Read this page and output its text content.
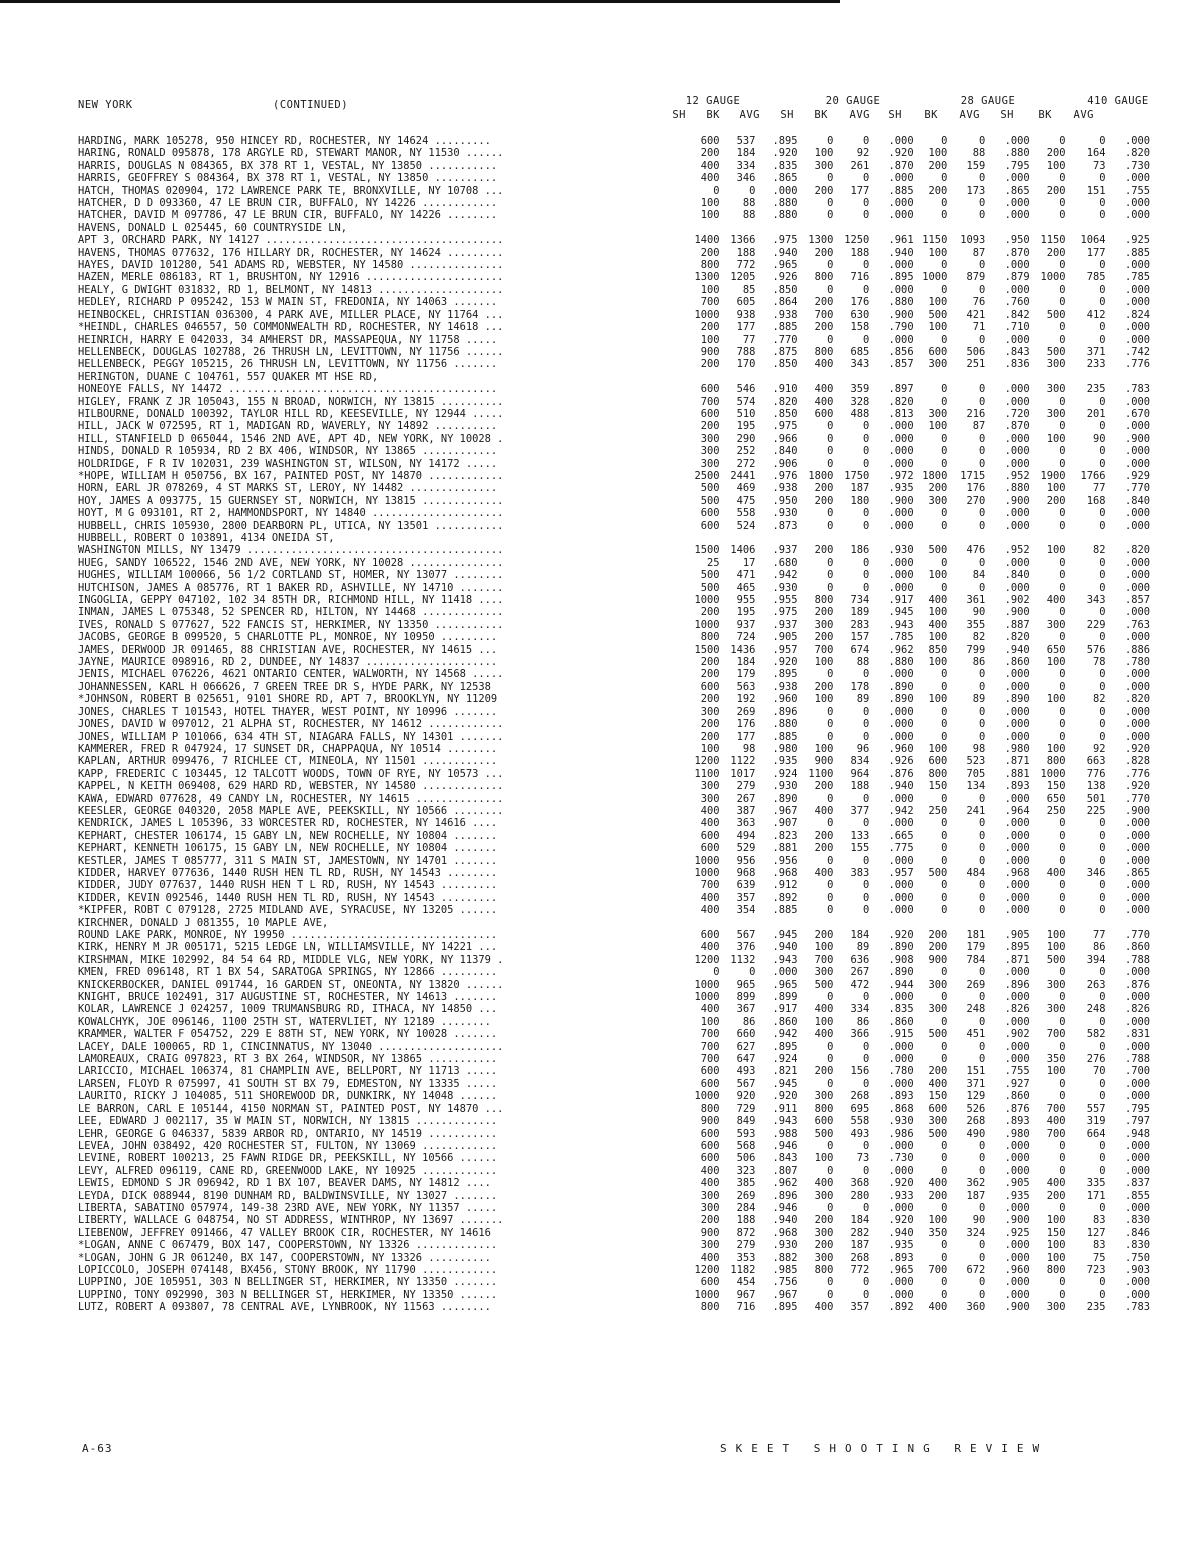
NEW YORK	(CONTINUED)	12 GAUGE	20 GAUGE	28 GAUGE	410 GAUGE
SH	BK	AVG	SH	BK	AVG	SH	BK	AVG	SH	BK	AVG
HARDING, MARK 105278, 950 HINCEY RD, ROCHESTER, NY 14624 .........	600	537	.895	0	0	.000	0	0	.000	0	0	.000
HARING, RONALD 095878, 178 ARGYLE RD, STEWART MANOR, NY 11530 ......	200	184	.920	100	92	.920	100	88	.880	200	164	.820
HARRIS, DOUGLAS N 084365, BX 378 RT 1, VESTAL, NY 13850 ...........	400	334	.835	300	261	.870	200	159	.795	100	73	.730
HARRIS, GEOFFREY S 084364, BX 378 RT 1, VESTAL, NY 13850 ..........	400	346	.865	0	0	.000	0	0	.000	0	0	.000
HATCH, THOMAS 020904, 172 LAWRENCE PARK TE, BRONXVILLE, NY 10708 ...	0	0	.000	200	177	.885	200	173	.865	200	151	.755
HATCHER, D D 093360, 47 LE BRUN CIR, BUFFALO, NY 14226 ............	100	88	.880	0	0	.000	0	0	.000	0	0	.000
HATCHER, DAVID M 097786, 47 LE BRUN CIR, BUFFALO, NY 14226 ........	100	88	.880	0	0	.000	0	0	.000	0	0	.000
HAVENS, DONALD L 025445, 60 COUNTRYSIDE LN,												
APT 3, ORCHARD PARK, NY 14127 ......................................	1400	1366	.975	1300	1250	.961	1150	1093	.950	1150	1064	.925
HAVENS, THOMAS 077632, 176 HILLARY DR, ROCHESTER, NY 14624 .........	200	188	.940	200	188	.940	100	87	.870	200	177	.885
HAYES, DAVID 101280, 541 ADAMS RD, WEBSTER, NY 14580 ...............	800	772	.965	0	0	.000	0	0	.000	0	0	.000
HAZEN, MERLE 086183, RT 1, BRUSHTON, NY 12916 ......................	1300	1205	.926	800	716	.895	1000	879	.879	1000	785	.785
HEALY, G DWIGHT 031832, RD 1, BELMONT, NY 14813 ....................	100	85	.850	0	0	.000	0	0	.000	0	0	.000
HEDLEY, RICHARD P 095242, 153 W MAIN ST, FREDONIA, NY 14063 .......	700	605	.864	200	176	.880	100	76	.760	0	0	.000
HEINBOCKEL, CHRISTIAN 036300, 4 PARK AVE, MILLER PLACE, NY 11764 ...	1000	938	.938	700	630	.900	500	421	.842	500	412	.824
*HEINDL, CHARLES 046557, 50 COMMONWEALTH RD, ROCHESTER, NY 14618 ...	200	177	.885	200	158	.790	100	71	.710	0	0	.000
HEINRICH, HARRY E 042033, 34 AMHERST DR, MASSAPEQUA, NY 11758 .....	100	77	.770	0	0	.000	0	0	.000	0	0	.000
HELLENBECK, DOUGLAS 102788, 26 THRUSH LN, LEVITTOWN, NY 11756 ......	900	788	.875	800	685	.856	600	506	.843	500	371	.742
HELLENBECK, PEGGY 105215, 26 THRUSH LN, LEVITTOWN, NY 11756 .......	200	170	.850	400	343	.857	300	251	.836	300	233	.776
HERINGTON, DUANE C 104761, 557 QUAKER MT HSE RD,												
HONEOYE FALLS, NY 14472 ...........................................	600	546	.910	400	359	.897	0	0	.000	300	235	.783
HIGLEY, FRANK Z JR 105043, 155 N BROAD, NORWICH, NY 13815 ..........	700	574	.820	400	328	.820	0	0	.000	0	0	.000
HILBOURNE, DONALD 100392, TAYLOR HILL RD, KEESEVILLE, NY 12944 .....	600	510	.850	600	488	.813	300	216	.720	300	201	.670
HILL, JACK W 072595, RT 1, MADIGAN RD, WAVERLY, NY 14892 ..........	200	195	.975	0	0	.000	100	87	.870	0	0	.000
HILL, STANFIELD D 065044, 1546 2ND AVE, APT 4D, NEW YORK, NY 10028 .	300	290	.966	0	0	.000	0	0	.000	100	90	.900
HINDS, DONALD R 105934, RD 2 BX 406, WINDSOR, NY 13865 ............	300	252	.840	0	0	.000	0	0	.000	0	0	.000
HOLDRIDGE, F R IV 102031, 239 WASHINGTON ST, WILSON, NY 14172 .....	300	272	.906	0	0	.000	0	0	.000	0	0	.000
*HOPE, WILLIAM H 050756, BX 167, PAINTED POST, NY 14870 ............	2500	2441	.976	1800	1750	.972	1800	1715	.952	1900	1766	.929
HORN, EARL JR 078269, 4 ST MARKS ST, LEROY, NY 14482 ..............	500	469	.938	200	187	.935	200	176	.880	100	77	.770
HOY, JAMES A 093775, 15 GUERNSEY ST, NORWICH, NY 13815 .............	500	475	.950	200	180	.900	300	270	.900	200	168	.840
HOYT, M G 093101, RT 2, HAMMONDSPORT, NY 14840 .....................	600	558	.930	0	0	.000	0	0	.000	0	0	.000
HUBBELL, CHRIS 105930, 2800 DEARBORN PL, UTICA, NY 13501 ...........	600	524	.873	0	0	.000	0	0	.000	0	0	.000
HUBBELL, ROBERT O 103891, 4134 ONEIDA ST,												
WASHINGTON MILLS, NY 13479 .........................................	1500	1406	.937	200	186	.930	500	476	.952	100	82	.820
HUEG, SANDY 106522, 1546 2ND AVE, NEW YORK, NY 10028 ...............	25	17	.680	0	0	.000	0	0	.000	0	0	.000
HUGHES, WILLIAM 100066, 56 1/2 CORTLAND ST, HOMER, NY 13077 ........	500	471	.942	0	0	.000	100	84	.840	0	0	.000
HUTCHISON, JAMES A 085776, RT 1 BAKER RD, ASHVILLE, NY 14710 .......	500	465	.930	0	0	.000	0	0	.000	0	0	.000
INGOGLIA, GEPPY 047102, 102 34 85TH DR, RICHMOND HILL, NY 11418 ....	1000	955	.955	800	734	.917	400	361	.902	400	343	.857
INMAN, JAMES L 075348, 52 SPENCER RD, HILTON, NY 14468 .............	200	195	.975	200	189	.945	100	90	.900	0	0	.000
IVES, RONALD S 077627, 522 FANCIS ST, HERKIMER, NY 13350 ...........	1000	937	.937	300	283	.943	400	355	.887	300	229	.763
JACOBS, GEORGE B 099520, 5 CHARLOTTE PL, MONROE, NY 10950 .........	800	724	.905	200	157	.785	100	82	.820	0	0	.000
JAMES, DERWOOD JR 091465, 88 CHRISTIAN AVE, ROCHESTER, NY 14615 ...	1500	1436	.957	700	674	.962	850	799	.940	650	576	.886
JAYNE, MAURICE 098916, RD 2, DUNDEE, NY 14837 .....................	200	184	.920	100	88	.880	100	86	.860	100	78	.780
JENIS, MICHAEL 076226, 4621 ONTARIO CENTER, WALWORTH, NY 14568 .....	200	179	.895	0	0	.000	0	0	.000	0	0	.000
JOHANNESSEN, KARL H 066626, 7 GREEN TREE DR S, HYDE PARK, NY 12538	600	563	.938	200	178	.890	0	0	.000	0	0	.000
*JOHNSON, ROBERT B 025651, 9101 SHORE RD, APT 7, BROOKLYN, NY 11209	200	192	.960	100	89	.890	100	89	.890	100	82	.820
JONES, CHARLES T 101543, HOTEL THAYER, WEST POINT, NY 10996 .......	300	269	.896	0	0	.000	0	0	.000	0	0	.000
JONES, DAVID W 097012, 21 ALPHA ST, ROCHESTER, NY 14612 ............	200	176	.880	0	0	.000	0	0	.000	0	0	.000
JONES, WILLIAM P 101066, 634 4TH ST, NIAGARA FALLS, NY 14301 .......	200	177	.885	0	0	.000	0	0	.000	0	0	.000
KAMMERER, FRED R 047924, 17 SUNSET DR, CHAPPAQUA, NY 10514 ........	100	98	.980	100	96	.960	100	98	.980	100	92	.920
KAPLAN, ARTHUR 099476, 7 RICHLEE CT, MINEOLA, NY 11501 ............	1200	1122	.935	900	834	.926	600	523	.871	800	663	.828
KAPP, FREDERIC C 103445, 12 TALCOTT WOODS, TOWN OF RYE, NY 10573 ...	1100	1017	.924	1100	964	.876	800	705	.881	1000	776	.776
KAPPEL, N KEITH 069408, 629 HARD RD, WEBSTER, NY 14580 .............	300	279	.930	200	188	.940	150	134	.893	150	138	.920
KAWA, EDWARD 077628, 49 CANDY LN, ROCHESTER, NY 14615 ..............	300	267	.890	0	0	.000	0	0	.000	650	501	.770
KEESLER, GEORGE 040320, 2058 MAPLE AVE, PEEKSKILL, NY 10566 ........	400	387	.967	400	377	.942	250	241	.964	250	225	.900
KENDRICK, JAMES L 105396, 33 WORCESTER RD, ROCHESTER, NY 14616 ....	400	363	.907	0	0	.000	0	0	.000	0	0	.000
KEPHART, CHESTER 106174, 15 GABY LN, NEW ROCHELLE, NY 10804 .......	600	494	.823	200	133	.665	0	0	.000	0	0	.000
KEPHART, KENNETH 106175, 15 GABY LN, NEW ROCHELLE, NY 10804 .......	600	529	.881	200	155	.775	0	0	.000	0	0	.000
KESTLER, JAMES T 085777, 311 S MAIN ST, JAMESTOWN, NY 14701 .......	1000	956	.956	0	0	.000	0	0	.000	0	0	.000
KIDDER, HARVEY 077636, 1440 RUSH HEN TL RD, RUSH, NY 14543 ........	1000	968	.968	400	383	.957	500	484	.968	400	346	.865
KIDDER, JUDY 077637, 1440 RUSH HEN T L RD, RUSH, NY 14543 .........	700	639	.912	0	0	.000	0	0	.000	0	0	.000
KIDDER, KEVIN 092546, 1440 RUSH HEN TL RD, RUSH, NY 14543 .........	400	357	.892	0	0	.000	0	0	.000	0	0	.000
*KIPFER, ROBT C 079128, 2725 MIDLAND AVE, SYRACUSE, NY 13205 ......	400	354	.885	0	0	.000	0	0	.000	0	0	.000
KIRCHNER, DONALD J 081355, 10 MAPLE AVE,												
ROUND LAKE PARK, MONROE, NY 19950 .................................	600	567	.945	200	184	.920	200	181	.905	100	77	.770
KIRK, HENRY M JR 005171, 5215 LEDGE LN, WILLIAMSVILLE, NY 14221 ...	400	376	.940	100	89	.890	200	179	.895	100	86	.860
KIRSHMAN, MIKE 102992, 84 54 64 RD, MIDDLE VLG, NEW YORK, NY 11379 .	1200	1132	.943	700	636	.908	900	784	.871	500	394	.788
KMEN, FRED 096148, RT 1 BX 54, SARATOGA SPRINGS, NY 12866 .........	0	0	.000	300	267	.890	0	0	.000	0	0	.000
KNICKERBOCKER, DANIEL 091744, 16 GARDEN ST, ONEONTA, NY 13820 ......	1000	965	.965	500	472	.944	300	269	.896	300	263	.876
KNIGHT, BRUCE 102491, 317 AUGUSTINE ST, ROCHESTER, NY 14613 .......	1000	899	.899	0	0	.000	0	0	.000	0	0	.000
KOLAR, LAWRENCE J 024257, 1009 TRUMANSBURG RD, ITHACA, NY 14850 ...	400	367	.917	400	334	.835	300	248	.826	300	248	.826
KOWALCHYK, JOE 096146, 1100 25TH ST, WATERVLIET, NY 12189 ........	100	86	.860	100	86	.860	0	0	.000	0	0	.000
KRAMMER, WALTER F 054752, 229 E 88TH ST, NEW YORK, NY 10028 .......	700	660	.942	400	366	.915	500	451	.902	700	582	.831
LACEY, DALE 100065, RD 1, CINCINNATUS, NY 13040 ....................	700	627	.895	0	0	.000	0	0	.000	0	0	.000
LAMOREAUX, CRAIG 097823, RT 3 BX 264, WINDSOR, NY 13865 ...........	700	647	.924	0	0	.000	0	0	.000	350	276	.788
LARICCIO, MICHAEL 106374, 81 CHAMPLIN AVE, BELLPORT, NY 11713 .....	600	493	.821	200	156	.780	200	151	.755	100	70	.700
LARSEN, FLOYD R 075997, 41 SOUTH ST BX 79, EDMESTON, NY 13335 .....	600	567	.945	0	0	.000	400	371	.927	0	0	.000
LAURITO, RICKY J 104085, 511 SHOREWOOD DR, DUNKIRK, NY 14048 ......	1000	920	.920	300	268	.893	150	129	.860	0	0	.000
LE BARRON, CARL E 105144, 4150 NORMAN ST, PAINTED POST, NY 14870 ...	800	729	.911	800	695	.868	600	526	.876	700	557	.795
LEE, EDWARD J 002117, 35 W MAIN ST, NORWICH, NY 13815 .............	900	849	.943	600	558	.930	300	268	.893	400	319	.797
LEHR, GEORGE G 046337, 5839 ARBOR RD, ONTARIO, NY 14519 ...........	600	593	.988	500	493	.986	500	490	.980	700	664	.948
LEVEA, JOHN 038492, 420 ROCHESTER ST, FULTON, NY 13069 ............	600	568	.946	0	0	.000	0	0	.000	0	0	.000
LEVINE, ROBERT 100213, 25 FAWN RIDGE DR, PEEKSKILL, NY 10566 ......	600	506	.843	100	73	.730	0	0	.000	0	0	.000
LEVY, ALFRED 096119, CANE RD, GREENWOOD LAKE, NY 10925 ............	400	323	.807	0	0	.000	0	0	.000	0	0	.000
LEWIS, EDMOND S JR 096942, RD 1 BX 107, BEAVER DAMS, NY 14812 ....	400	385	.962	400	368	.920	400	362	.905	400	335	.837
LEYDA, DICK 088944, 8190 DUNHAM RD, BALDWINSVILLE, NY 13027 .......	300	269	.896	300	280	.933	200	187	.935	200	171	.855
LIBERTA, SABATINO 057974, 149-38 23RD AVE, NEW YORK, NY 11357 .....	300	284	.946	0	0	.000	0	0	.000	0	0	.000
LIBERTY, WALLACE G 048754, NO ST ADDRESS, WINTHROP, NY 13697 .......	200	188	.940	200	184	.920	100	90	.900	100	83	.830
LIEBENOW, JEFFREY 091466, 47 VALLEY BROOK CIR, ROCHESTER, NY 14616	900	872	.968	300	282	.940	350	324	.925	150	127	.846
*LOGAN, ANNE C 067479, BOX 147, COOPERSTOWN, NY 13326 .............	300	279	.930	200	187	.935	0	0	.000	100	83	.830
*LOGAN, JOHN G JR 061240, BX 147, COOPERSTOWN, NY 13326 ..........	400	353	.882	300	268	.893	0	0	.000	100	75	.750
LOPICCOLO, JOSEPH 074148, BX456, STONY BROOK, NY 11790 ............	1200	1182	.985	800	772	.965	700	672	.960	800	723	.903
LUPPINO, JOE 105951, 303 N BELLINGER ST, HERKIMER, NY 13350 .......	600	454	.756	0	0	.000	0	0	.000	0	0	.000
LUPPINO, TONY 092990, 303 N BELLINGER ST, HERKIMER, NY 13350 ......	1000	967	.967	0	0	.000	0	0	.000	0	0	.000
LUTZ, ROBERT A 093807, 78 CENTRAL AVE, LYNBROOK, NY 11563 ........	800	716	.895	400	357	.892	400	360	.900	300	235	.783
A-63	SKEET SHOOTING REVIEW
